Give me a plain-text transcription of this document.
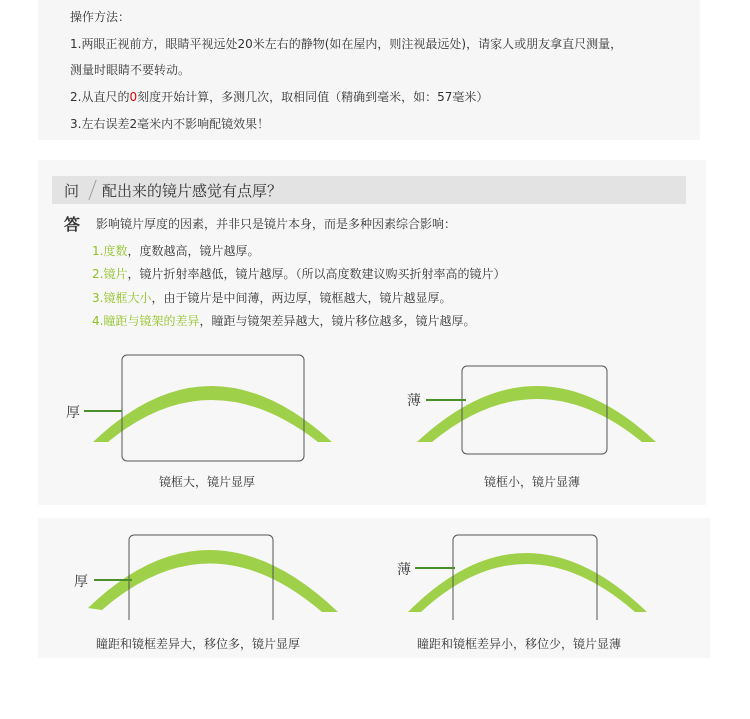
操作方法：
1.两眼正视前方，眼睛平视远处20米左右的静物(如在屋内，则注视最远处)，请家人或朋友拿直尺测量，
测量时眼睛不要转动。
2.从直尺的0刻度开始计算，多测几次，取相同值（精确到毫米，如：57毫米）
3.左右误差2毫米内不影响配镜效果！
问 配出来的镜片感觉有点厚？
答 影响镜片厚度的因素，并非只是镜片本身，而是多种因素综合影响：
1.度数，度数越高，镜片越厚。
2.镜片，镜片折射率越低，镜片越厚。（所以高度数建议购买折射率高的镜片）
3.镜框大小，由于镜片是中间薄，两边厚，镜框越大，镜片越显厚。
4.瞳距与镜架的差异，瞳距与镜架差异越大，镜片移位越多，镜片越厚。
厚
镜框大，镜片显厚
薄
镜框小，镜片显薄
厚
瞳距和镜框差异大，移位多，镜片显厚
薄
瞳距和镜框差异小，移位少，镜片显薄
